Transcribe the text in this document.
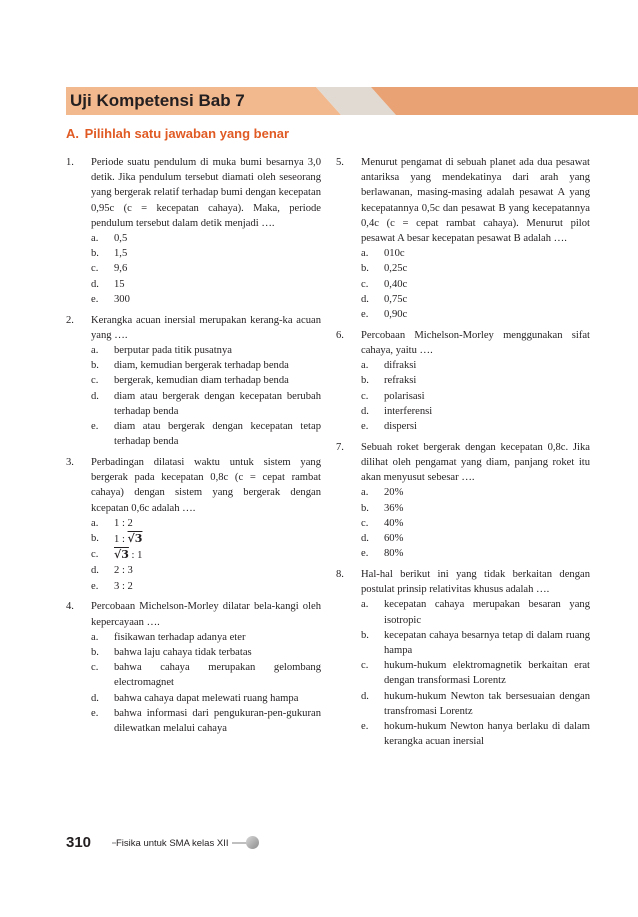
Uji Kompetensi Bab 7
A. Pilihlah satu jawaban yang benar
1. Periode suatu pendulum di muka bumi besarnya 3,0 detik. Jika pendulum tersebut diamati oleh seseorang yang bergerak relatif terhadap bumi dengan kecepatan 0,95c (c = kecepatan cahaya). Maka, periode pendulum tersebut dalam detik menjadi ….
a. 0,5
b. 1,5
c. 9,6
d. 15
e. 300
2. Kerangka acuan inersial merupakan kerang-ka acuan yang ….
a. berputar pada titik pusatnya
b. diam, kemudian bergerak terhadap benda
c. bergerak, kemudian diam terhadap benda
d. diam atau bergerak dengan kecepatan berubah terhadap benda
e. diam atau bergerak dengan kecepatan tetap terhadap benda
3. Perbadingan dilatasi waktu untuk sistem yang bergerak pada kecepatan 0,8c (c = cepat rambat cahaya) dengan sistem yang bergerak dengan kcepatan 0,6c adalah ….
a. 1 : 2
b. 1 : √3
c. √3 : 1
d. 2 : 3
e. 3 : 2
4. Percobaan Michelson-Morley dilatar bela-kangi oleh kepercayaan ….
a. fisikawan terhadap adanya eter
b. bahwa laju cahaya tidak terbatas
c. bahwa cahaya merupakan gelombang electromagnet
d. bahwa cahaya dapat melewati ruang hampa
e. bahwa informasi dari pengukuran-pen-gukuran dilewatkan melalui cahaya
5. Menurut pengamat di sebuah planet ada dua pesawat antariksa yang mendekatinya dari arah yang berlawanan, masing-masing adalah pesawat A yang kecepatannya 0,5c dan pesawat B yang kecepatannya 0,4c (c = cepat rambat cahaya). Menurut pilot pesawat A besar kecepatan pesawat B adalah ….
a. 010c
b. 0,25c
c. 0,40c
d. 0,75c
e. 0,90c
6. Percobaan Michelson-Morley menggunakan sifat cahaya, yaitu ….
a. difraksi
b. refraksi
c. polarisasi
d. interferensi
e. dispersi
7. Sebuah roket bergerak dengan kecepatan 0,8c. Jika dilihat oleh pengamat yang diam, panjang roket itu akan menyusut sebesar ….
a. 20%
b. 36%
c. 40%
d. 60%
e. 80%
8. Hal-hal berikut ini yang tidak berkaitan dengan postulat prinsip relativitas khusus adalah ….
a. kecepatan cahaya merupakan besaran yang isotropic
b. kecepatan cahaya besarnya tetap di dalam ruang hampa
c. hukum-hukum elektromagnetik berkaitan erat dengan transformasi Lorentz
d. hukum-hukum Newton tak bersesuaian dengan transfromasi Lorentz
e. hokum-hukum Newton hanya berlaku di dalam kerangka acuan inersial
310	Fisika untuk SMA kelas XII
